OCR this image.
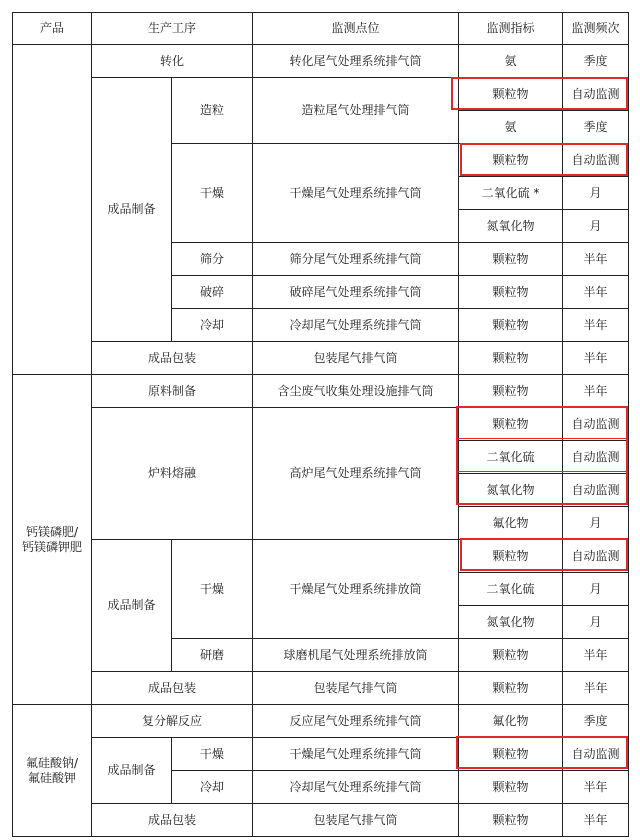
产品	生产工序		监测点位	监测指标	监测频次
	转化		转化尾气处理系统排气筒	氨	季度
	成品制备	造粒	造粒尾气处理排气筒	颗粒物	自动监测
				氨	季度
		干燥	干燥尾气处理系统排气筒	颗粒物	自动监测
				二氧化硫 *	月
				氮氧化物	月
		筛分	筛分尾气处理系统排气筒	颗粒物	半年
		破碎	破碎尾气处理系统排气筒	颗粒物	半年
		冷却	冷却尾气处理系统排气筒	颗粒物	半年
	成品包装		包装尾气排气筒	颗粒物	半年
钙镁磷肥/
钙镁磷钾肥	原料制备		含尘废气收集处理设施排气筒	颗粒物	半年
	炉料熔融		高炉尾气处理系统排气筒	颗粒物	自动监测
				二氧化硫	自动监测
				氮氧化物	自动监测
				氟化物	月
	成品制备	干燥	干燥尾气处理系统排放筒	颗粒物	自动监测
				二氧化硫	月
				氮氧化物	月
		研磨	球磨机尾气处理系统排放筒	颗粒物	半年
	成品包装		包装尾气排气筒	颗粒物	半年
氟硅酸钠/
氟硅酸钾	复分解反应		反应尾气处理系统排气筒	氟化物	季度
	成品制备	干燥	干燥尾气处理系统排气筒	颗粒物	自动监测
		冷却	冷却尾气处理系统排气筒	颗粒物	半年
	成品包装		包装尾气排气筒	颗粒物	半年
